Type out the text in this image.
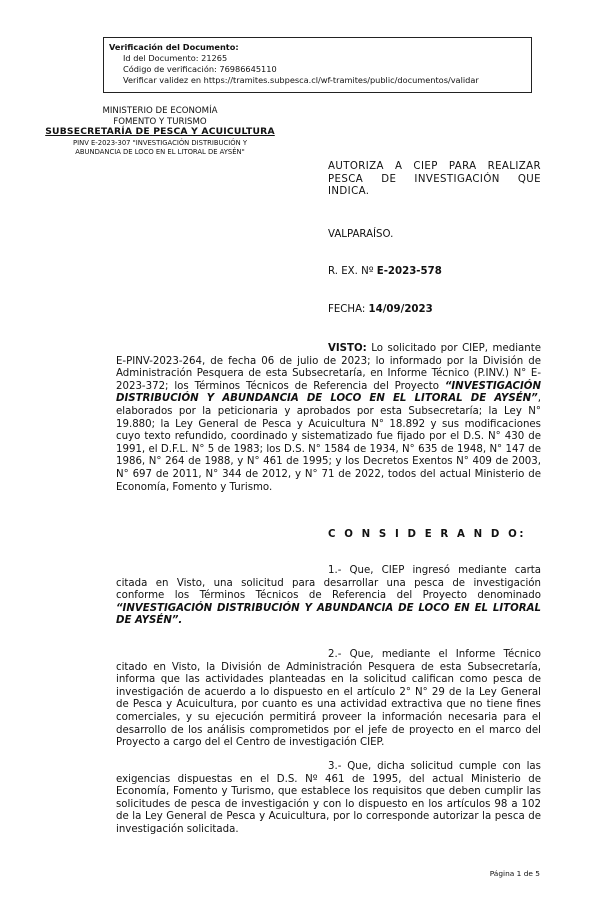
Verificación del Documento:
• Id del Documento: 21265
• Código de verificación: 76986645110
• Verificar validez en https://tramites.subpesca.cl/wf-tramites/public/documentos/validar
MINISTERIO DE ECONOMÍA
FOMENTO Y TURISMO
SUBSECRETARÍA DE PESCA Y ACUICULTURA
PINV E-2023-307 "INVESTIGACIÓN DISTRIBUCIÓN Y
ABUNDANCIA DE LOCO EN EL LITORAL DE AYSÉN"
AUTORIZA A CIEP PARA REALIZAR PESCA DE INVESTIGACIÓN QUE INDICA.
VALPARAÍSO.
R. EX. Nº E-2023-578
FECHA: 14/09/2023
VISTO: Lo solicitado por CIEP, mediante E-PINV-2023-264, de fecha 06 de julio de 2023; lo informado por la División de Administración Pesquera de esta Subsecretaría, en Informe Técnico (P.INV.) N° E-2023-372; los Términos Técnicos de Referencia del Proyecto “INVESTIGACIÓN DISTRIBUCIÓN Y ABUNDANCIA DE LOCO EN EL LITORAL DE AYSÉN”, elaborados por la peticionaria y aprobados por esta Subsecretaría; la Ley N° 19.880; la Ley General de Pesca y Acuicultura N° 18.892 y sus modificaciones cuyo texto refundido, coordinado y sistematizado fue fijado por el D.S. N° 430 de 1991, el D.F.L. N° 5 de 1983; los D.S. N° 1584 de 1934, N° 635 de 1948, N° 147 de 1986, N° 264 de 1988, y N° 461 de 1995; y los Decretos Exentos N° 409 de 2003, N° 697 de 2011, N° 344 de 2012, y N° 71 de 2022, todos del actual Ministerio de Economía, Fomento y Turismo.
C O N S I D E R A N D O:
1.- Que, CIEP ingresó mediante carta citada en Visto, una solicitud para desarrollar una pesca de investigación conforme los Términos Técnicos de Referencia del Proyecto denominado “INVESTIGACIÓN DISTRIBUCIÓN Y ABUNDANCIA DE LOCO EN EL LITORAL DE AYSÉN”.
2.- Que, mediante el Informe Técnico citado en Visto, la División de Administración Pesquera de esta Subsecretaría, informa que las actividades planteadas en la solicitud califican como pesca de investigación de acuerdo a lo dispuesto en el artículo 2° N° 29 de la Ley General de Pesca y Acuicultura, por cuanto es una actividad extractiva que no tiene fines comerciales, y su ejecución permitirá proveer la información necesaria para el desarrollo de los análisis comprometidos por el jefe de proyecto en el marco del Proyecto a cargo del el Centro de investigación CIEP.
3.- Que, dicha solicitud cumple con las exigencias dispuestas en el D.S. Nº 461 de 1995, del actual Ministerio de Economía, Fomento y Turismo, que establece los requisitos que deben cumplir las solicitudes de pesca de investigación y con lo dispuesto en los artículos 98 a 102 de la Ley General de Pesca y Acuicultura, por lo corresponde autorizar la pesca de investigación solicitada.
Página 1 de 5
